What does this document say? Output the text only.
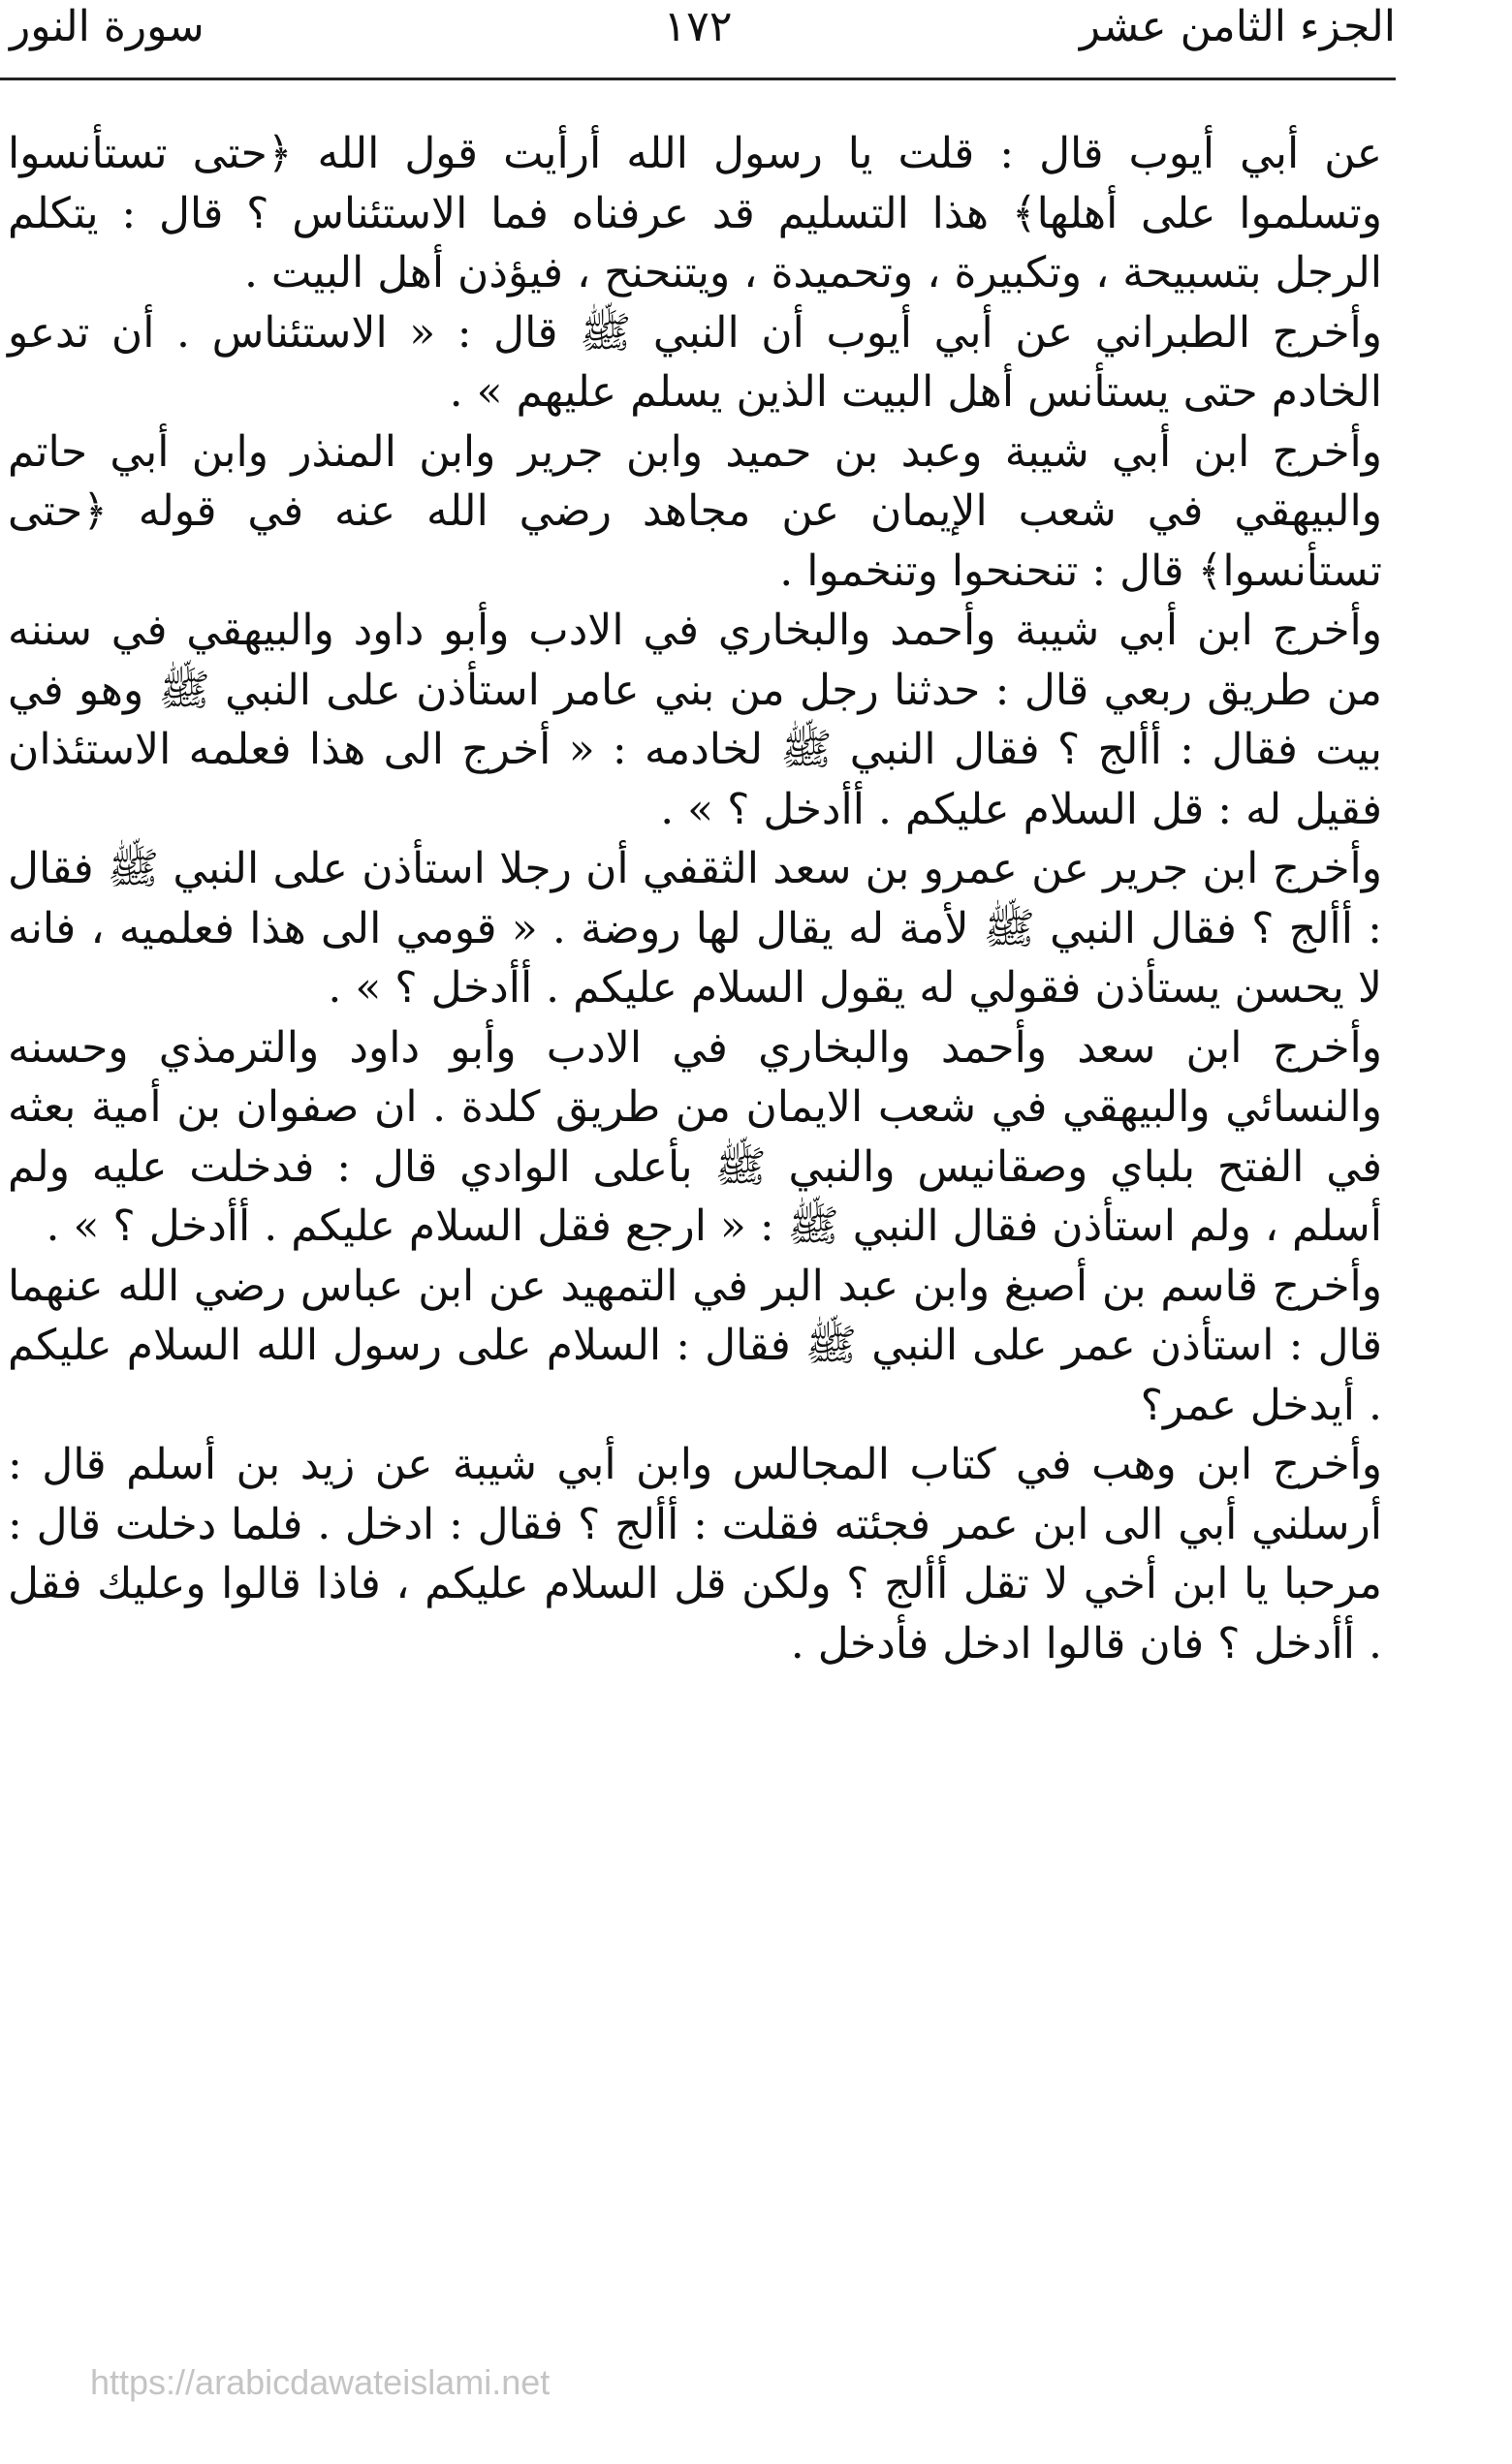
الجزء الثامن عشر
١٧٢
سورة النور

عن أبي أيوب قال : قلت يا رسول الله أرأيت قول الله ﴿حتى تستأنسوا وتسلموا على أهلها﴾ هذا التسليم قد عرفناه فما الاستئناس ؟ قال : يتكلم الرجل بتسبيحة ، وتكبيرة ، وتحميدة ، ويتنحنح ، فيؤذن أهل البيت .

وأخرج الطبراني عن أبي أيوب أن النبي ﷺ قال : « الاستئناس . أن تدعو الخادم حتى يستأنس أهل البيت الذين يسلم عليهم » .

وأخرج ابن أبي شيبة وعبد بن حميد وابن جرير وابن المنذر وابن أبي حاتم والبيهقي في شعب الإيمان عن مجاهد رضي الله عنه في قوله ﴿حتى تستأنسوا﴾ قال : تنحنحوا وتنخموا .

وأخرج ابن أبي شيبة وأحمد والبخاري في الادب وأبو داود والبيهقي في سننه من طريق ربعي قال : حدثنا رجل من بني عامر استأذن على النبي ﷺ وهو في بيت فقال : أألج ؟ فقال النبي ﷺ لخادمه : « أخرج الى هذا فعلمه الاستئذان فقيل له : قل السلام عليكم . أأدخل ؟ » .

وأخرج ابن جرير عن عمرو بن سعد الثقفي أن رجلا استأذن على النبي ﷺ فقال : أألج ؟ فقال النبي ﷺ لأمة له يقال لها روضة . « قومي الى هذا فعلميه ، فانه لا يحسن يستأذن فقولي له يقول السلام عليكم . أأدخل ؟ » .

وأخرج ابن سعد وأحمد والبخاري في الادب وأبو داود والترمذي وحسنه والنسائي والبيهقي في شعب الايمان من طريق كلدة . ان صفوان بن أمية بعثه في الفتح بلباي وصقانيس والنبي ﷺ بأعلى الوادي قال : فدخلت عليه ولم أسلم ، ولم استأذن فقال النبي ﷺ : « ارجع فقل السلام عليكم . أأدخل ؟ » .

وأخرج قاسم بن أصبغ وابن عبد البر في التمهيد عن ابن عباس رضي الله عنهما قال : استأذن عمر على النبي ﷺ فقال : السلام على رسول الله السلام عليكم . أيدخل عمر؟

وأخرج ابن وهب في كتاب المجالس وابن أبي شيبة عن زيد بن أسلم قال : أرسلني أبي الى ابن عمر فجئته فقلت : أألج ؟ فقال : ادخل . فلما دخلت قال : مرحبا يا ابن أخي لا تقل أألج ؟ ولكن قل السلام عليكم ، فاذا قالوا وعليك فقل . أأدخل ؟ فان قالوا ادخل فأدخل .

https://arabicdawateislami.net
